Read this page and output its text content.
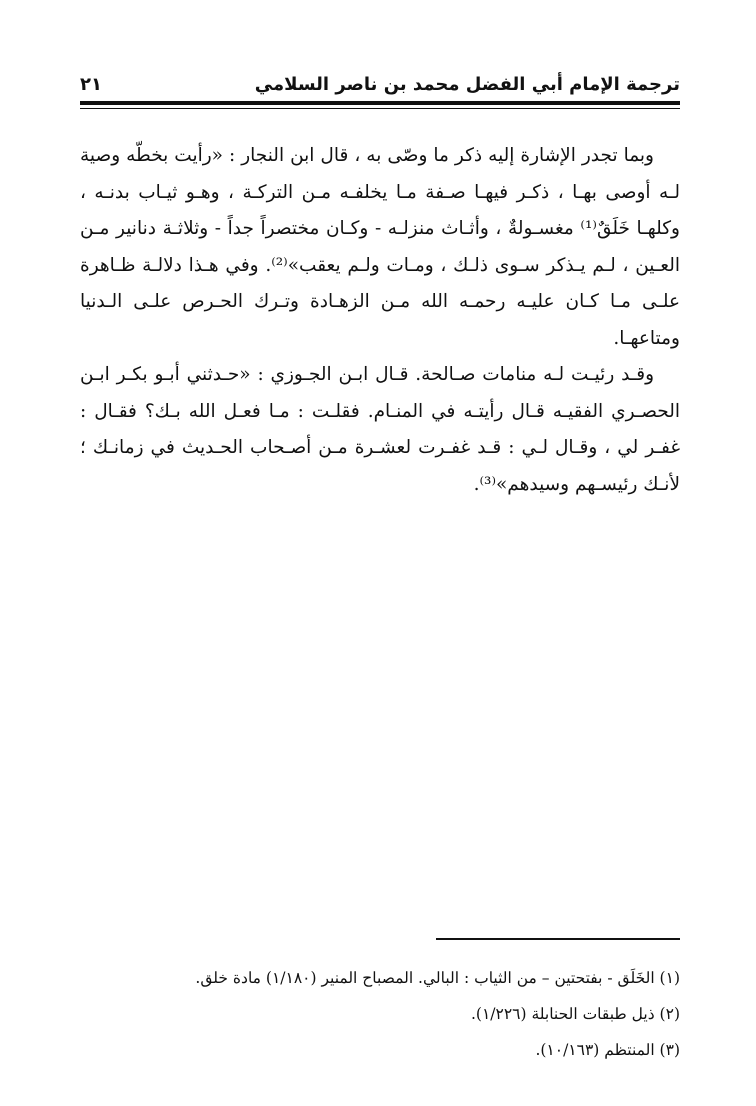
ترجمة الإمام أبي الفضل محمد بن ناصر السلامي
٢١

وبما تجدر الإشارة إليه ذكر ما وصّى به ، قال ابن النجار : «رأيت بخطّه وصية لـه أوصى بهـا ، ذكـر فيهـا صـفة مـا يخلفـه مـن التركـة ، وهـو ثيـاب بدنـه ، وكلهـا خَلَقٌ⁽¹⁾ مغسـولةٌ ، وأثـاث منزلـه - وكـان مختصراً جداً - وثلاثـة دنانير مـن العـين ، لـم يـذكر سـوى ذلـك ، ومـات ولـم يعقب»⁽²⁾. وفي هـذا دلالـة ظـاهرة علـى مـا كـان عليـه رحمـه الله مـن الزهـادة وتـرك الحـرص علـى الـدنيا ومتاعهـا.

وقـد رئيـت لـه منامات صـالحة. قـال ابـن الجـوزي : «حـدثني أبـو بكـر ابـن الحصـري الفقيـه قـال رأيتـه في المنـام. فقلـت : مـا فعـل الله بـك؟ فقـال : غفـر لي ، وقـال لـي : قـد غفـرت لعشـرة مـن أصـحاب الحـديث في زمانـك ؛ لأنـك رئيسـهم وسيدهم»⁽³⁾.

(١) الخَلَق - بفتحتين – من الثياب : البالي. المصباح المنير (١/١٨٠) مادة خلق.

(٢) ذيل طبقات الحنابلة (١/٢٢٦).

(٣) المنتظم (١٠/١٦٣).
